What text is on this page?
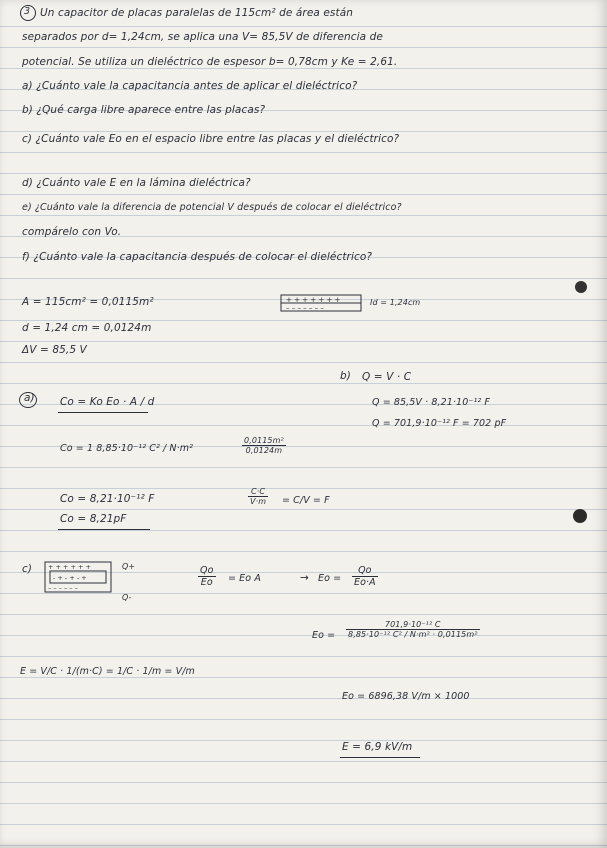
3 Un capacitor de placas paralelas de 115cm² de área están
separados por d= 1,24cm, se aplica una V= 85,5V de diferencia de
potencial. Se utiliza un dieléctrico de espesor b= 0,78cm y Ke = 2,61.
a) ¿Cuánto vale la capacitancia antes de aplicar el dieléctrico?
b) ¿Qué carga libre aparece entre las placas?
c) ¿Cuánto vale Eo en el espacio libre entre las placas y el dieléctrico?
d) ¿Cuánto vale E en la lámina dieléctrica?
e) ¿Cuánto vale la diferencia de potencial V después de colocar el dieléctrico?
compárelo con Vo.
f) ¿Cuánto vale la capacitancia después de colocar el dieléctrico?
A = 115cm² = 0,0115m²
d = 1,24 cm = 0,0124m
ΔV = 85,5 V
+ + + + + + +
– – – – – – –
Id = 1,24cm
b) Q = V · C
Q = 85,5V · 8,21·10⁻¹² F
Q = 701,9·10⁻¹² F = 702 pF
a) Co = Ko Eo · A / d
Co = 1 8,85·10⁻¹² C² / N·m²	$\frac{\text{0,0115m²}}{0,0124m}$
Co = 8,21·10⁻¹² F	$\frac{C\cdot C}{V\cdot m} = C/V = F$
Co = 8,21pF
c) + + + + + +
- + - + - +
– – – – – –
Q+
Q-
$\frac{Qo}{Eo} = Eo$ A	→ $Eo = \frac{Qo}{Eo\cdot A}$
$Eo = \frac{\text{701,9·10⁻¹² C}}{\text{8,85·10⁻¹² C² / N·m² · 0,0115m²}}$
E = V/C · 1/(m·C) = 1/C · 1/m = V/m
Eo = 6896,38 V/m × 1000
E = 6,9 kV/m
